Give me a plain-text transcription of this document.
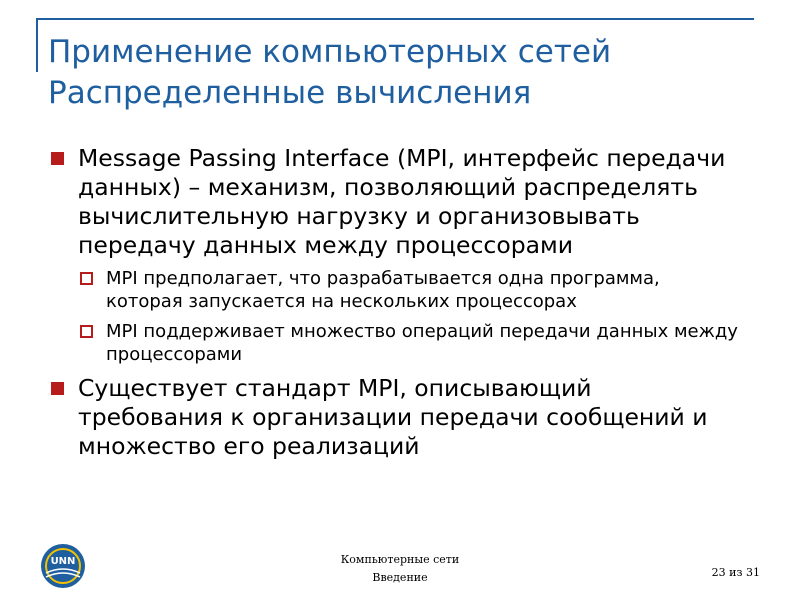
Применение компьютерных сетей
Распределенные вычисления
Message Passing Interface (MPI, интерфейс передачи данных) – механизм, позволяющий распределять вычислительную нагрузку и организовывать передачу данных между процессорами
MPI предполагает, что разрабатывается одна программа, которая запускается на нескольких процессорах
MPI поддерживает множество операций передачи данных между процессорами
Существует стандарт MPI, описывающий требования к организации передачи сообщений и множество его реализаций
UNN	Компьютерные сети
Введение	23 из 31
